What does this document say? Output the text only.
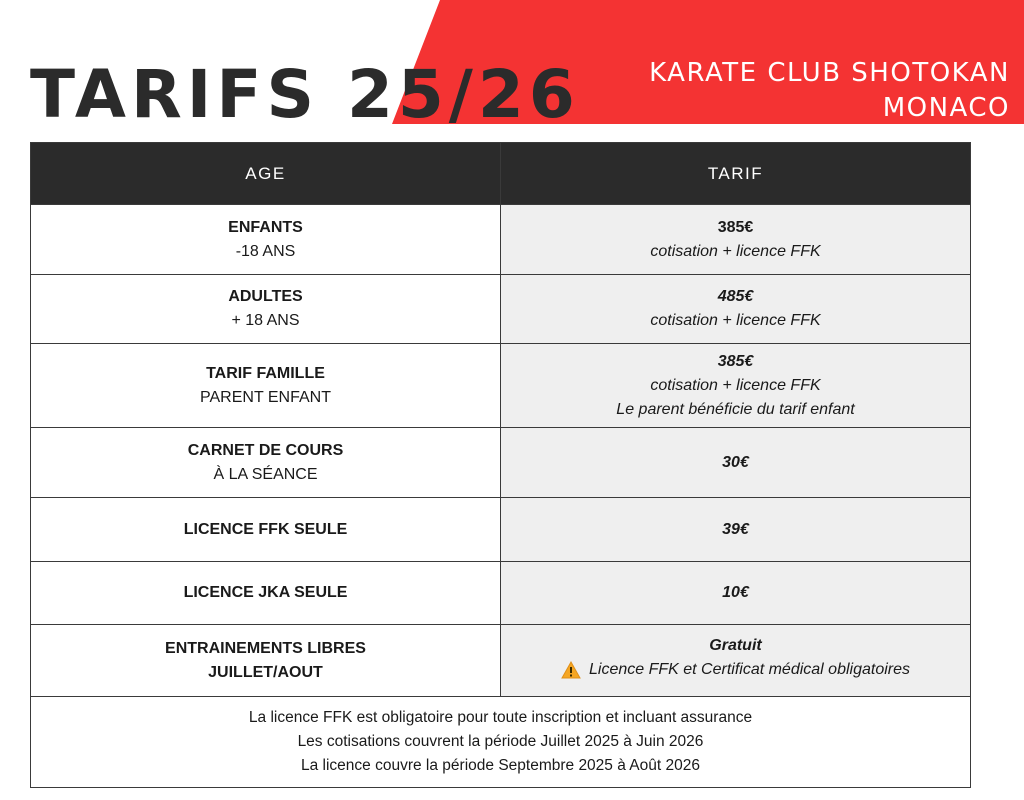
TARIFS 25/26	KARATE CLUB SHOTOKAN
MONACO
AGE	TARIF

ENFANTS
-18 ANS	385€
cotisation + licence FFK

ADULTES
+ 18 ANS	485€
cotisation + licence FFK

TARIF FAMILLE
PARENT ENFANT	385€
cotisation + licence FFK
Le parent bénéficie du tarif enfant

CARNET DE COURS
À LA SÉANCE	30€

LICENCE FFK SEULE	39€

LICENCE JKA SEULE	10€

ENTRAINEMENTS LIBRES
JUILLET/AOUT	Gratuit
Licence FFK et Certificat médical obligatoires

La licence FFK est obligatoire pour toute inscription et incluant assurance
Les cotisations couvrent la période Juillet 2025 à Juin 2026
La licence couvre la période Septembre 2025 à Août 2026	
